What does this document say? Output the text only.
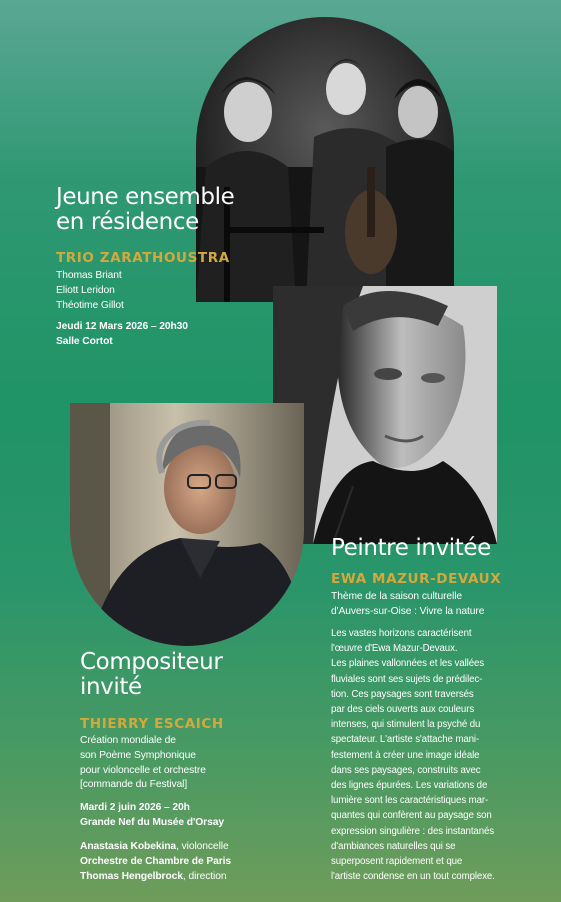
Jeune ensemble
en résidence
TRIO ZARATHOUSTRA
Thomas Briant
Eliott Leridon
Théotime Gillot
Jeudi 12 Mars 2026 – 20h30
Salle Cortot
Peintre invitée
EWA MAZUR-DEVAUX
Thème de la saison culturelle
d'Auvers-sur-Oise : Vivre la nature
Les vastes horizons caractérisent
l'œuvre d'Ewa Mazur-Devaux.
Les plaines vallonnées et les vallées
fluviales sont ses sujets de prédilec-
tion. Ces paysages sont traversés
par des ciels ouverts aux couleurs
intenses, qui stimulent la psyché du
spectateur. L'artiste s'attache mani-
festement à créer une image idéale
dans ses paysages, construits avec
des lignes épurées. Les variations de
lumière sont les caractéristiques mar-
quantes qui confèrent au paysage son
expression singulière : des instantanés
d'ambiances naturelles qui se
superposent rapidement et que
l'artiste condense en un tout complexe.
Compositeur
invité
THIERRY ESCAICH
Création mondiale de
son Poème Symphonique
pour violoncelle et orchestre
[commande du Festival]
Mardi 2 juin 2026 – 20h
Grande Nef du Musée d'Orsay
Anastasia Kobekina, violoncelle
Orchestre de Chambre de Paris
Thomas Hengelbrock, direction
